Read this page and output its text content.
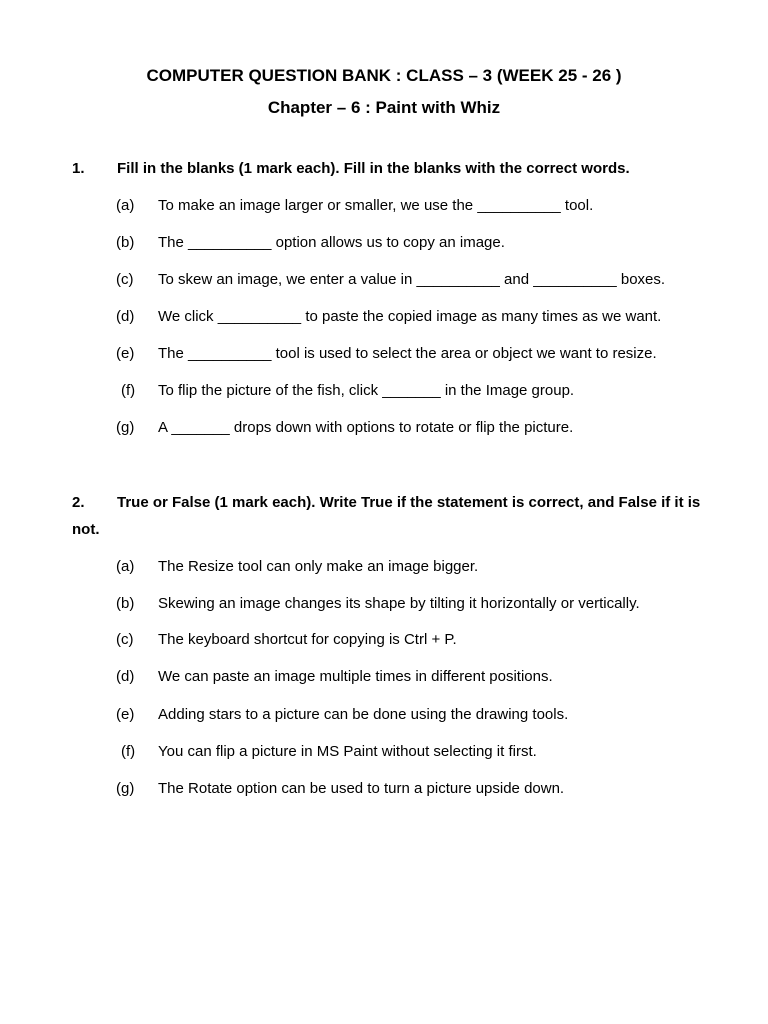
COMPUTER QUESTION BANK : CLASS – 3 (WEEK 25 - 26 )
Chapter – 6 : Paint with Whiz
1. Fill in the blanks (1 mark each). Fill in the blanks with the correct words.
(a) To make an image larger or smaller, we use the __________ tool.
(b) The __________ option allows us to copy an image.
(c) To skew an image, we enter a value in __________ and __________ boxes.
(d) We click __________ to paste the copied image as many times as we want.
(e) The __________ tool is used to select the area or object we want to resize.
(f) To flip the picture of the fish, click _______ in the Image group.
(g) A _______ drops down with options to rotate or flip the picture.
2. True or False (1 mark each). Write True if the statement is correct, and False if it is not.
(a) The Resize tool can only make an image bigger.
(b) Skewing an image changes its shape by tilting it horizontally or vertically.
(c) The keyboard shortcut for copying is Ctrl + P.
(d) We can paste an image multiple times in different positions.
(e) Adding stars to a picture can be done using the drawing tools.
(f) You can flip a picture in MS Paint without selecting it first.
(g) The Rotate option can be used to turn a picture upside down.
